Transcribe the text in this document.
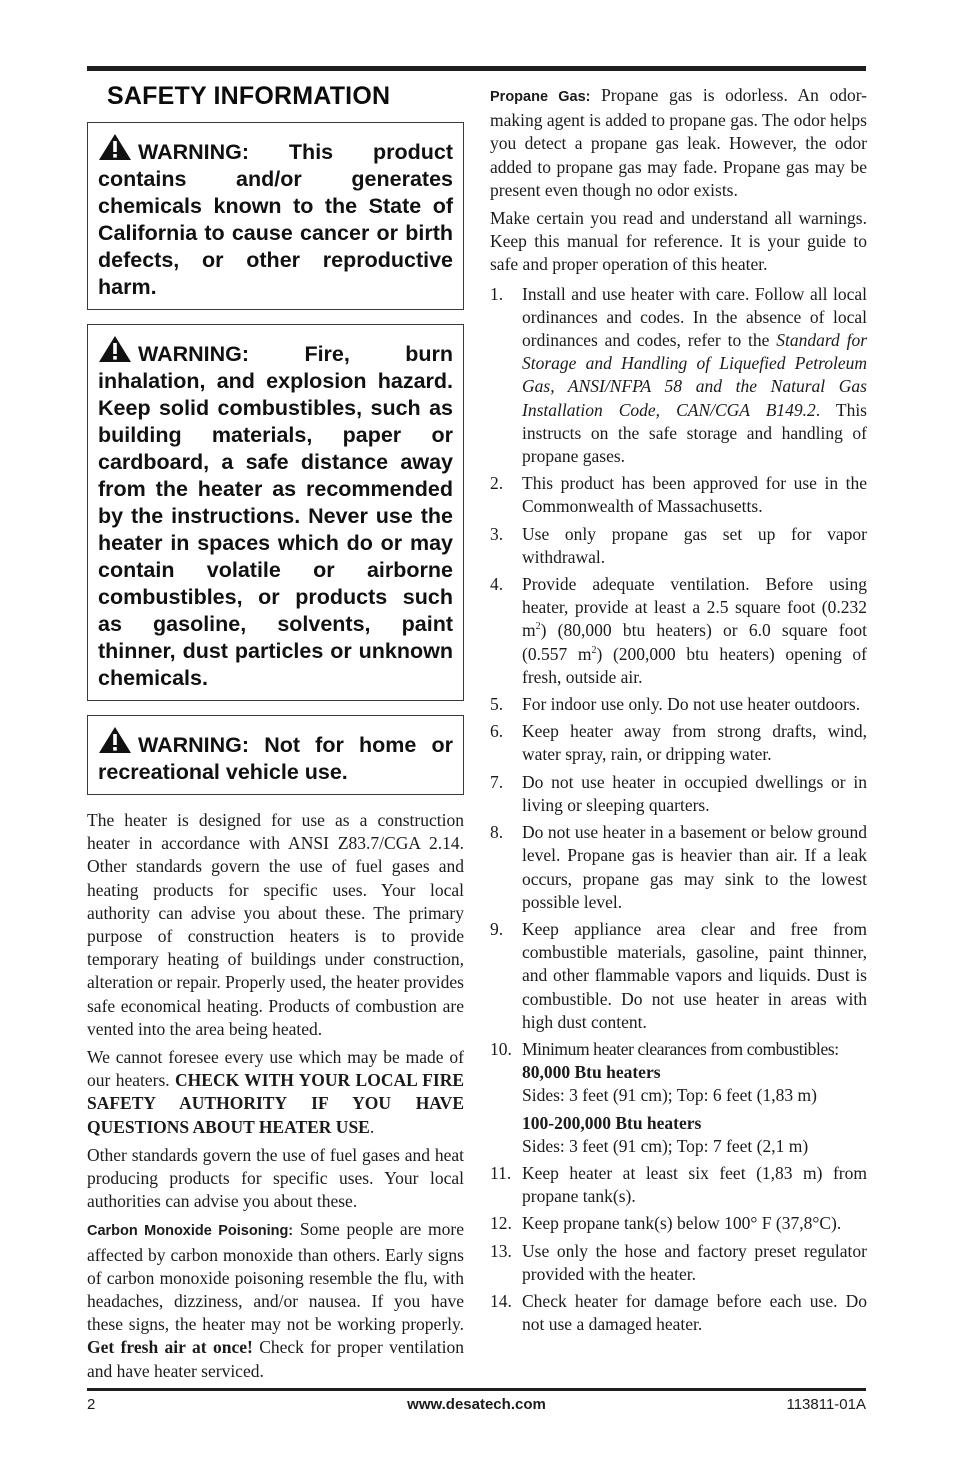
SAFETY INFORMATION
WARNING: This product contains and/or generates chemicals known to the State of California to cause cancer or birth defects, or other reproductive harm.
WARNING: Fire, burn inhalation, and explosion hazard. Keep solid combustibles, such as building materials, paper or cardboard, a safe distance away from the heater as recommended by the instructions. Never use the heater in spaces which do or may contain volatile or airborne combustibles, or products such as gasoline, solvents, paint thinner, dust particles or unknown chemicals.
WARNING: Not for home or recreational vehicle use.

The heater is designed for use as a construction heater in accordance with ANSI Z83.7/CGA 2.14. Other standards govern the use of fuel gases and heating products for specific uses. Your local authority can advise you about these. The primary purpose of construction heaters is to provide temporary heating of buildings under construction, alteration or repair. Properly used, the heater provides safe economical heating. Products of combustion are vented into the area being heated.

We cannot foresee every use which may be made of our heaters. CHECK WITH YOUR LOCAL FIRE SAFETY AUTHORITY IF YOU HAVE QUESTIONS ABOUT HEATER USE.

Other standards govern the use of fuel gases and heat producing products for specific uses. Your local authorities can advise you about these.

Carbon Monoxide Poisoning: Some people are more affected by carbon monoxide than others. Early signs of carbon monoxide poisoning resemble the flu, with headaches, dizziness, and/or nausea. If you have these signs, the heater may not be working properly. Get fresh air at once! Check for proper ventilation and have heater serviced.

Propane Gas: Propane gas is odorless. An odor-making agent is added to propane gas. The odor helps you detect a propane gas leak. However, the odor added to propane gas may fade. Propane gas may be present even though no odor exists.

Make certain you read and understand all warnings. Keep this manual for reference. It is your guide to safe and proper operation of this heater.

1. Install and use heater with care. Follow all local ordinances and codes. In the absence of local ordinances and codes, refer to the Standard for Storage and Handling of Liquefied Petroleum Gas, ANSI/NFPA 58 and the Natural Gas Installation Code, CAN/CGA B149.2. This instructs on the safe storage and handling of propane gases.
2. This product has been approved for use in the Commonwealth of Massachusetts.
3. Use only propane gas set up for vapor withdrawal.
4. Provide adequate ventilation. Before using heater, provide at least a 2.5 square foot (0.232 $m^2$) (80,000 btu heaters) or 6.0 square foot (0.557 $m^2$) (200,000 btu heaters) opening of fresh, outside air.
5. For indoor use only. Do not use heater outdoors.
6. Keep heater away from strong drafts, wind, water spray, rain, or dripping water.
7. Do not use heater in occupied dwellings or in living or sleeping quarters.
8. Do not use heater in a basement or below ground level. Propane gas is heavier than air. If a leak occurs, propane gas may sink to the lowest possible level.
9. Keep appliance area clear and free from combustible materials, gasoline, paint thinner, and other flammable vapors and liquids. Dust is combustible. Do not use heater in areas with high dust content.
10. Minimum heater clearances from combustibles:
80,000 Btu heaters
Sides: 3 feet (91 cm); Top: 6 feet (1,83 m)
100-200,000 Btu heaters
Sides: 3 feet (91 cm); Top: 7 feet (2,1 m)
11. Keep heater at least six feet (1,83 m) from propane tank(s).
12. Keep propane tank(s) below 100° F (37,8°C).
13. Use only the hose and factory preset regulator provided with the heater.
14. Check heater for damage before each use. Do not use a damaged heater.
2	www.desatech.com	113811-01A
